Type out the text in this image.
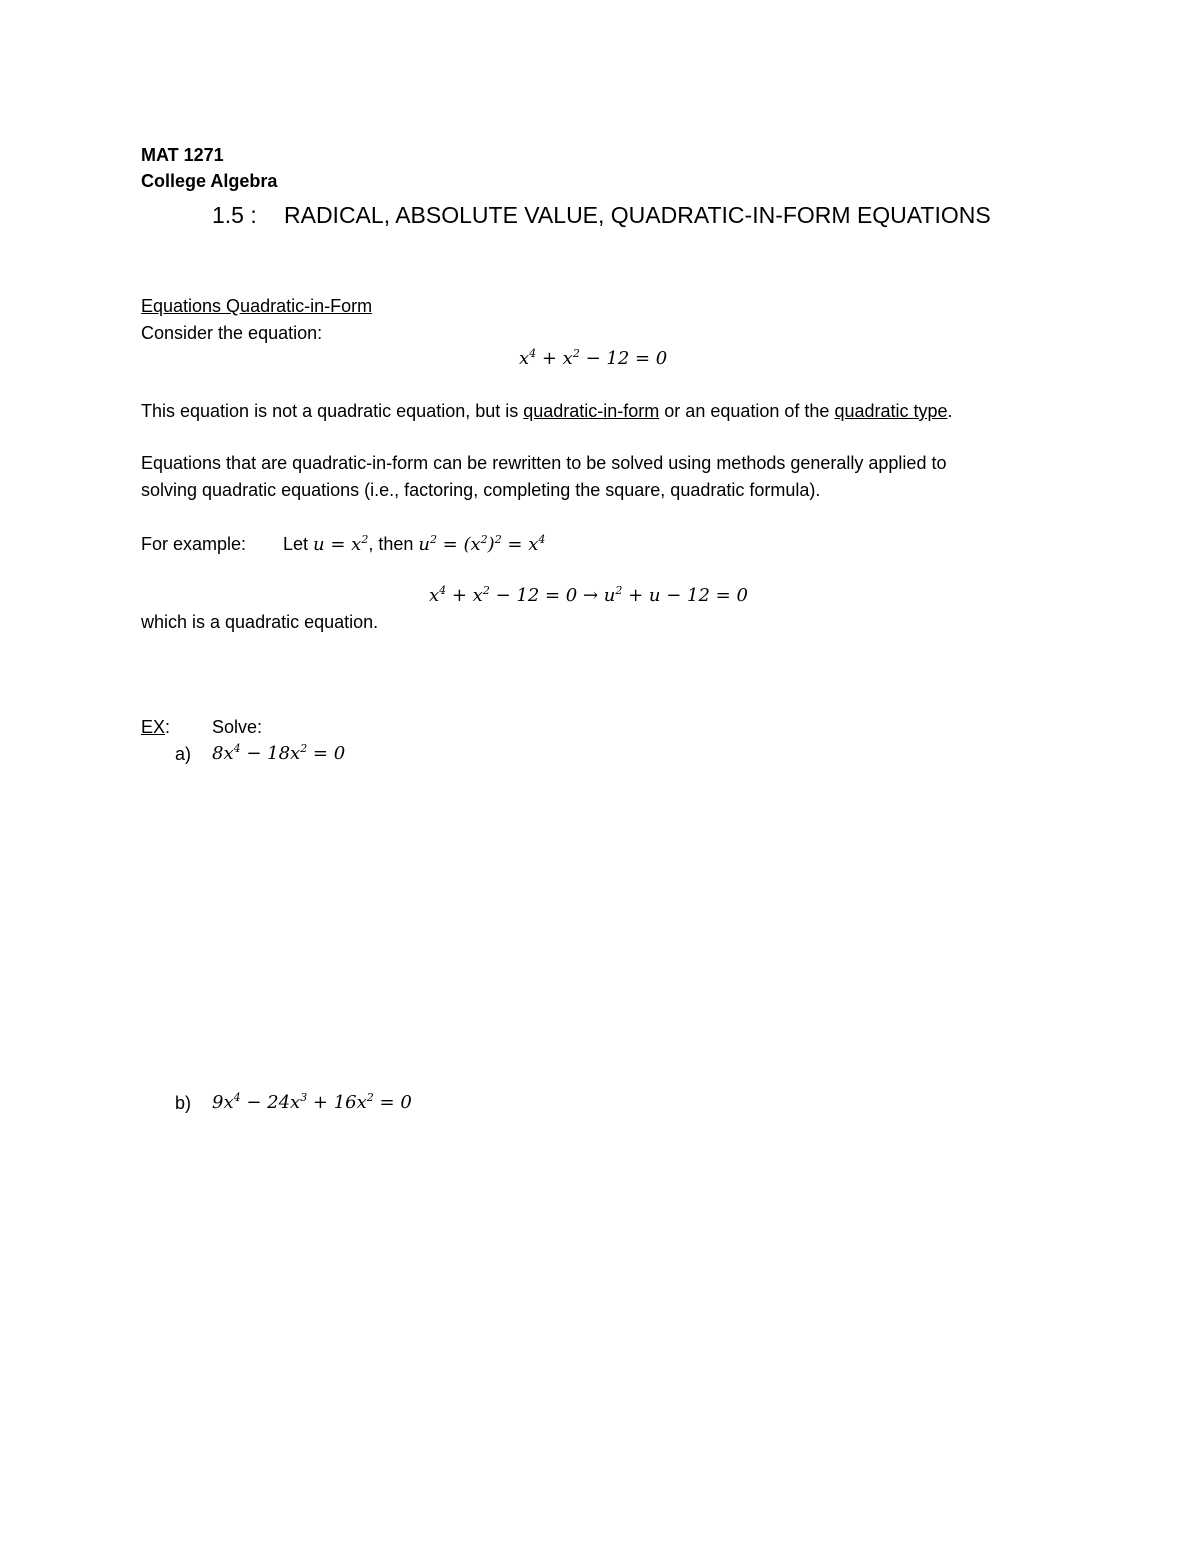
MAT 1271
College Algebra
1.5 : RADICAL, ABSOLUTE VALUE, QUADRATIC-IN-FORM EQUATIONS
Equations Quadratic-in-Form
Consider the equation:
$x^4 + x^2 - 12 = 0$
This equation is not a quadratic equation, but is quadratic-in-form or an equation of the quadratic type.
Equations that are quadratic-in-form can be rewritten to be solved using methods generally applied to
solving quadratic equations (i.e., factoring, completing the square, quadratic formula).
For example: Let $u = x^2$, then $u^2 = (x^2)^2 = x^4$
$x^4 + x^2 - 12 = 0 \to u^2 + u - 12 = 0$
which is a quadratic equation.
EX: Solve:
a) $8x^4 - 18x^2 = 0$
b) $9x^4 - 24x^3 + 16x^2 = 0$
